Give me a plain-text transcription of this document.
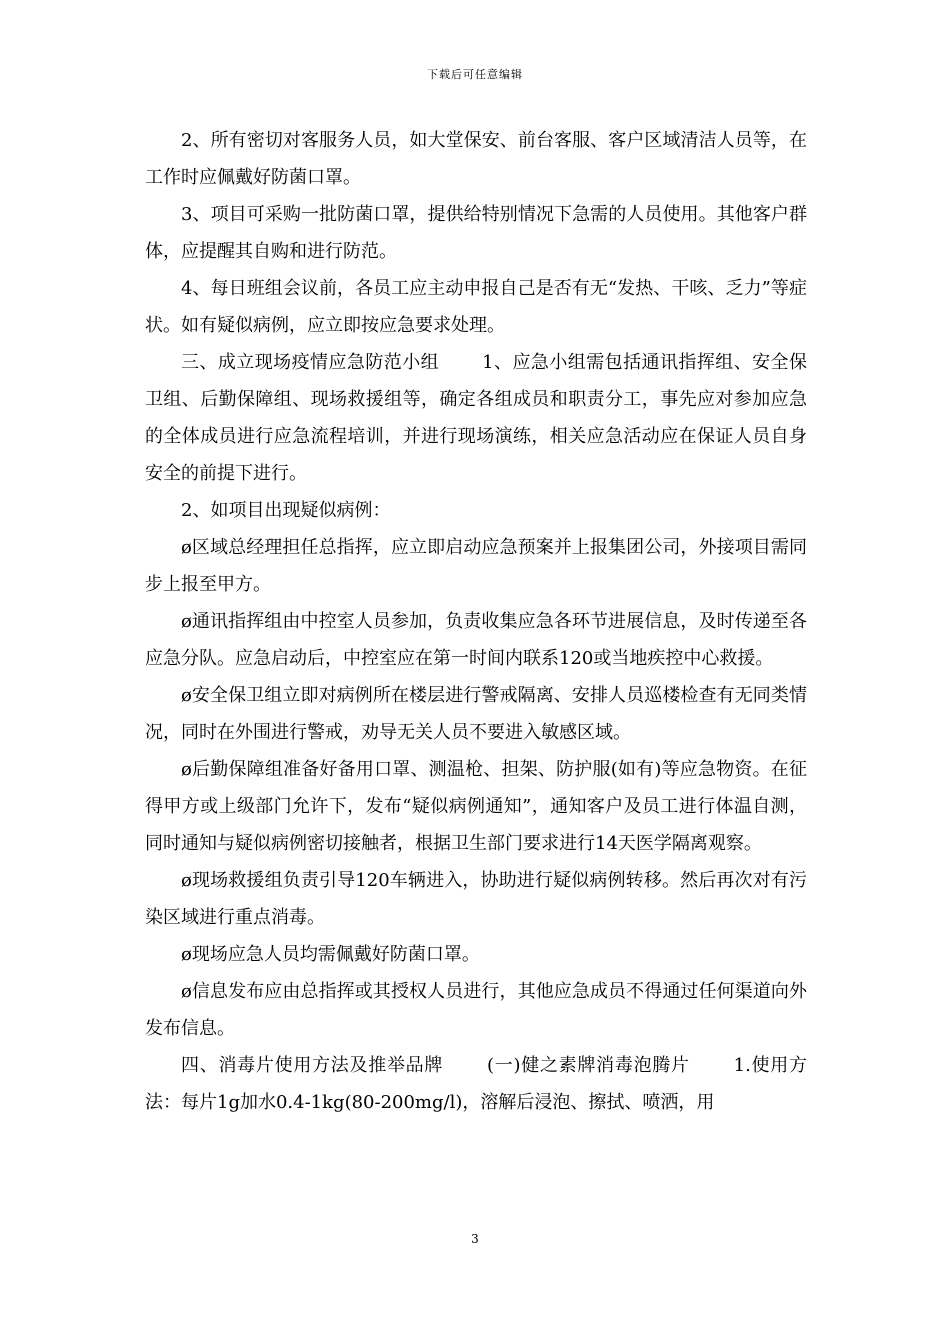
下载后可任意编辑

2、所有密切对客服务人员，如大堂保安、前台客服、客户区域清洁人员等，在工作时应佩戴好防菌口罩。

3、项目可采购一批防菌口罩，提供给特别情况下急需的人员使用。其他客户群体，应提醒其自购和进行防范。

4、每日班组会议前，各员工应主动申报自己是否有无“发热、干咳、乏力”等症状。如有疑似病例，应立即按应急要求处理。

三、成立现场疫情应急防范小组　　 1、应急小组需包括通讯指挥组、安全保卫组、后勤保障组、现场救援组等，确定各组成员和职责分工，事先应对参加应急的全体成员进行应急流程培训，并进行现场演练，相关应急活动应在保证人员自身安全的前提下进行。

2、如项目出现疑似病例：

ø区域总经理担任总指挥，应立即启动应急预案并上报集团公司，外接项目需同步上报至甲方。

ø通讯指挥组由中控室人员参加，负责收集应急各环节进展信息，及时传递至各应急分队。应急启动后，中控室应在第一时间内联系120或当地疾控中心救援。

ø安全保卫组立即对病例所在楼层进行警戒隔离、安排人员巡楼检查有无同类情况，同时在外围进行警戒，劝导无关人员不要进入敏感区域。

ø后勤保障组准备好备用口罩、测温枪、担架、防护服(如有)等应急物资。在征得甲方或上级部门允许下，发布“疑似病例通知”，通知客户及员工进行体温自测，同时通知与疑似病例密切接触者，根据卫生部门要求进行14天医学隔离观察。

ø现场救援组负责引导120车辆进入，协助进行疑似病例转移。然后再次对有污染区域进行重点消毒。

ø现场应急人员均需佩戴好防菌口罩。

ø信息发布应由总指挥或其授权人员进行，其他应急成员不得通过任何渠道向外发布信息。

四、消毒片使用方法及推举品牌　　 (一)健之素牌消毒泡腾片　　 1.使用方法：每片1g加水0.4-1kg(80-200mg/l)，溶解后浸泡、擦拭、喷洒，用

3
